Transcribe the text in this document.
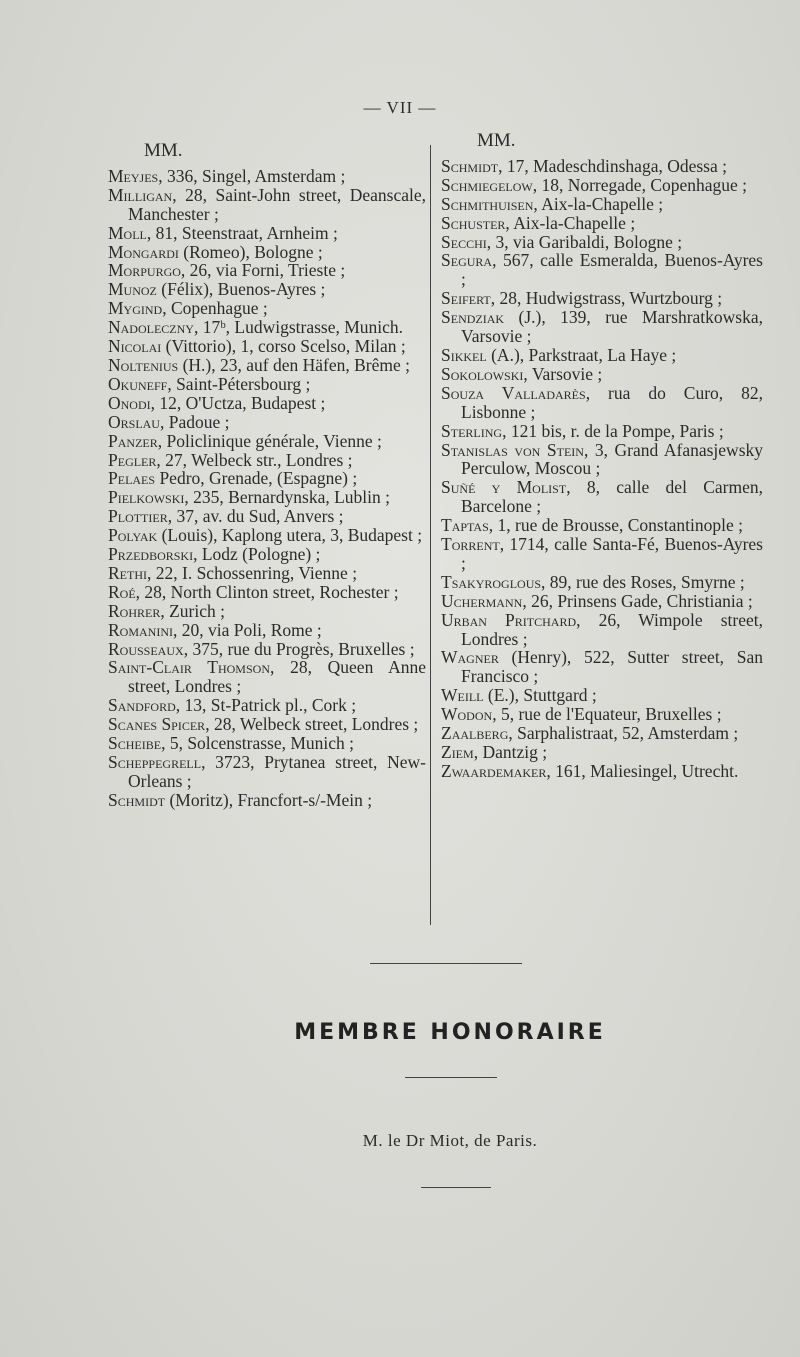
— VII —
MM.

Meyjes, 336, Singel, Amsterdam ;

Milligan, 28, Saint-John street, Deanscale, Manchester ;

Moll, 81, Steenstraat, Arnheim ;

Mongardi (Romeo), Bologne ;

Morpurgo, 26, via Forni, Trieste ;

Munoz (Félix), Buenos-Ayres ;

Mygind, Copenhague ;

Nadoleczny, 17ᵇ, Ludwigstrasse, Munich.

Nicolai (Vittorio), 1, corso Scelso, Milan ;

Noltenius (H.), 23, auf den Häfen, Brême ;

Okuneff, Saint-Pétersbourg ;

Onodi, 12, O'Uctza, Budapest ;

Orslau, Padoue ;

Panzer, Policlinique générale, Vienne ;

Pegler, 27, Welbeck str., Londres ;

Pelaes Pedro, Grenade, (Espagne) ;

Pielkowski, 235, Bernardynska, Lublin ;

Plottier, 37, av. du Sud, Anvers ;

Polyak (Louis), Kaplong utera, 3, Budapest ;

Przedborski, Lodz (Pologne) ;

Rethi, 22, I. Schossenring, Vienne ;

Roé, 28, North Clinton street, Rochester ;

Rohrer, Zurich ;

Romanini, 20, via Poli, Rome ;

Rousseaux, 375, rue du Progrès, Bruxelles ;

Saint-Clair Thomson, 28, Queen Anne street, Londres ;

Sandford, 13, St-Patrick pl., Cork ;

Scanes Spicer, 28, Welbeck street, Londres ;

Scheibe, 5, Solcenstrasse, Munich ;

Scheppegrell, 3723, Prytanea street, New-Orleans ;

Schmidt (Moritz), Francfort-s/-Mein ;

MM.

Schmidt, 17, Madeschdinshaga, Odessa ;

Schmiegelow, 18, Norregade, Copenhague ;

Schmithuisen, Aix-la-Chapelle ;

Schuster, Aix-la-Chapelle ;

Secchi, 3, via Garibaldi, Bologne ;

Segura, 567, calle Esmeralda, Buenos-Ayres ;

Seifert, 28, Hudwigstrass, Wurtzbourg ;

Sendziak (J.), 139, rue Marshratkowska, Varsovie ;

Sikkel (A.), Parkstraat, La Haye ;

Sokolowski, Varsovie ;

Souza Valladarès, rua do Curo, 82, Lisbonne ;

Sterling, 121 bis, r. de la Pompe, Paris ;

Stanislas von Stein, 3, Grand Afanasjewsky Perculow, Moscou ;

Suñé y Molist, 8, calle del Carmen, Barcelone ;

Taptas, 1, rue de Brousse, Constantinople ;

Torrent, 1714, calle Santa-Fé, Buenos-Ayres ;

Tsakyroglous, 89, rue des Roses, Smyrne ;

Uchermann, 26, Prinsens Gade, Christiania ;

Urban Pritchard, 26, Wimpole street, Londres ;

Wagner (Henry), 522, Sutter street, San Francisco ;

Weill (E.), Stuttgard ;

Wodon, 5, rue de l'Equateur, Bruxelles ;

Zaalberg, Sarphalistraat, 52, Amsterdam ;

Ziem, Dantzig ;

Zwaardemaker, 161, Maliesingel, Utrecht.

MEMBRE HONORAIRE
M. le Dr Miot, de Paris.
